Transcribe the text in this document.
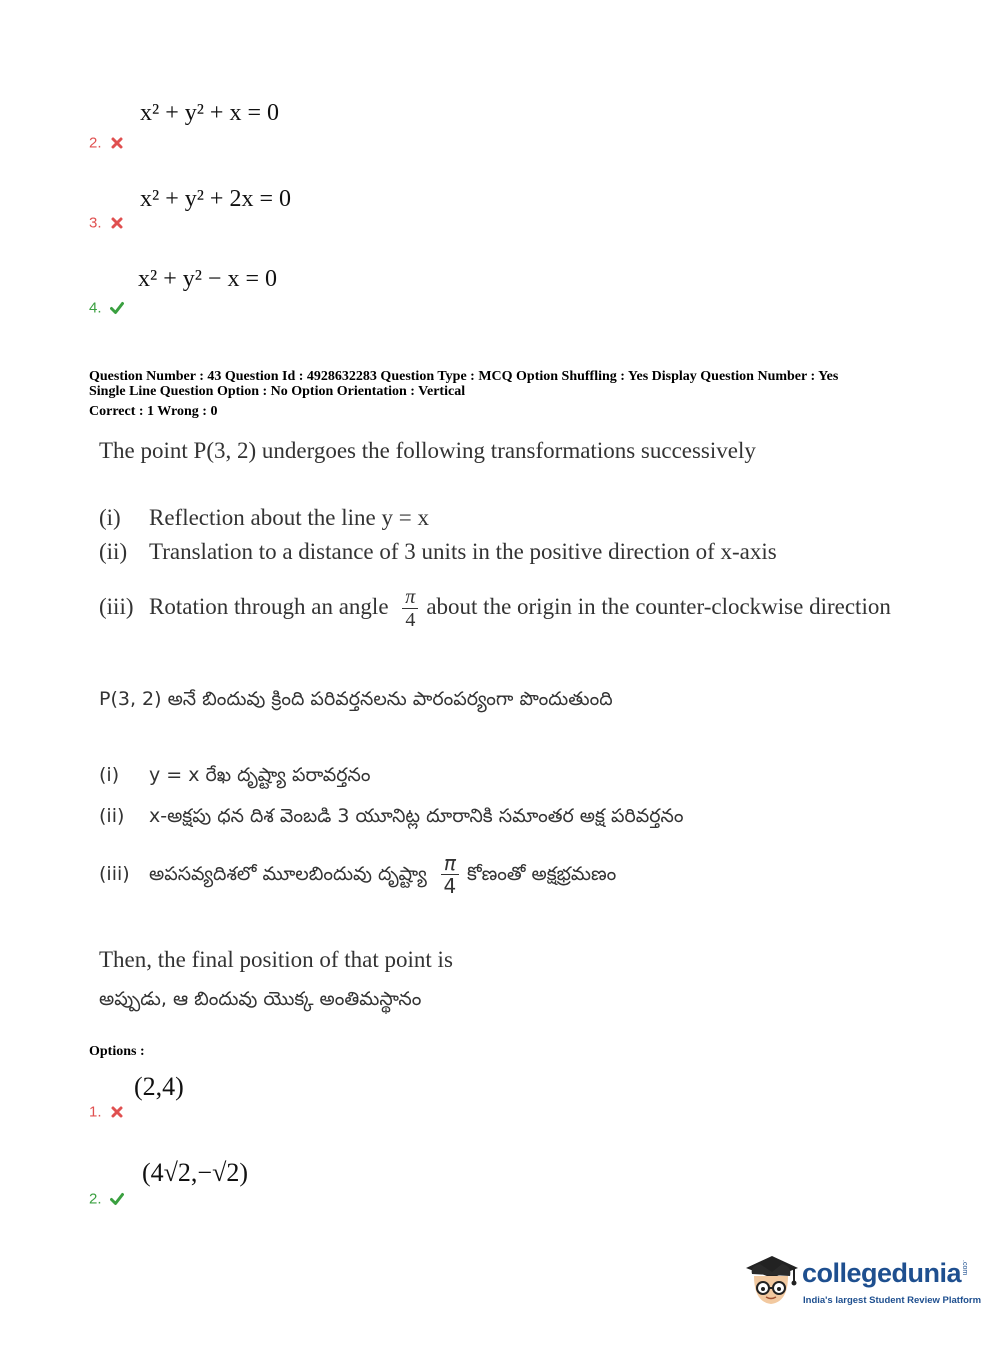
x² + y² + x = 0
2.
x² + y² + 2x = 0
3.
x² + y² − x = 0
4.
Question Number : 43 Question Id : 4928632283 Question Type : MCQ Option Shuffling : Yes Display Question Number : Yes
Single Line Question Option : No Option Orientation : Vertical
Correct : 1 Wrong : 0
The point P(3, 2) undergoes the following transformations successively
(i) Reflection about the line y = x
(ii) Translation to a distance of 3 units in the positive direction of x-axis
(iii) Rotation through an angle $\frac{\pi}{4}$ about the origin in the counter-clockwise direction
P(3, 2) అనే బిందువు క్రింది పరివర్తనలను పారంపర్యంగా పొందుతుంది
(i) y = x రేఖ దృష్ట్యా పరావర్తనం
(ii) x-అక్షపు ధన దిశ వెంబడి 3 యూనిట్ల దూరానికి సమాంతర అక్ష పరివర్తనం
(iii) అపసవ్యదిశలో మూలబిందువు దృష్ట్యా $\frac{\pi}{4}$ కోణంతో అక్షభ్రమణం
Then, the final position of that point is
అప్పుడు, ఆ బిందువు యొక్క అంతిమస్థానం
Options :
(2,4)
1.
(4√2,−√2)
2.
collegedunia .com
India's largest Student Review Platform
